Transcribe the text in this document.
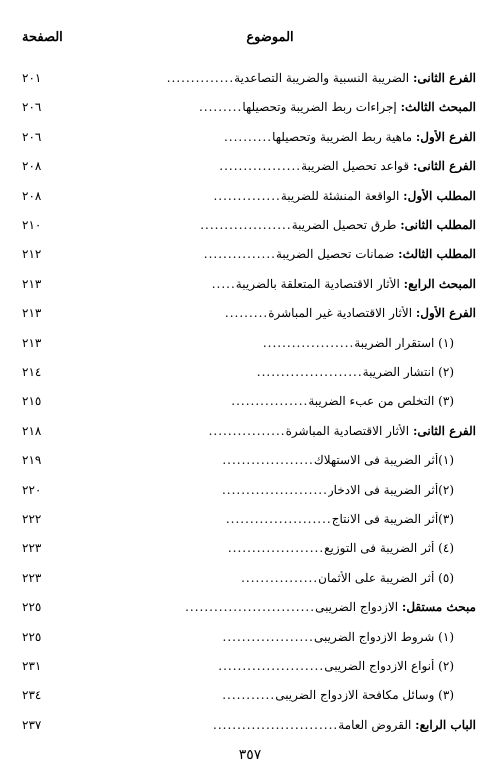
الموضوع
الصفحة
الفرع الثانى: الضريبة النسبية والضريبة التصاعدية
..............
٢٠١
المبحث الثالث: إجراءات ربط الضريبة وتحصيلها
.........
٢٠٦
الفرع الأول: ماهية ربط الضريبة وتحصيلها
..........
٢٠٦
الفرع الثانى: قواعد تحصيل الضريبة
.................
٢٠٨
المطلب الأول: الواقعة المنشئة للضريبة
..............
٢٠٨
المطلب الثانى: طرق تحصيل الضريبة
...................
٢١٠
المطلب الثالث: ضمانات تحصيل الضريبة
...............
٢١٢
المبحث الرابع: الأثار الاقتصادية المتعلقة بالضريبة
.....
٢١٣
الفرع الأول: الأثار الاقتصادية غير المباشرة
.........
٢١٣
(١) استقرار الضريبة
...................
٢١٣
(٢) انتشار الضريبة
......................
٢١٤
(٣) التخلص من عبء الضريبة
................
٢١٥
الفرع الثانى: الأثار الاقتصادية المباشرة
................
٢١٨
(١)أثر الضريبة فى الاستهلاك
...................
٢١٩
(٢)أثر الضريبة فى الادخار
......................
٢٢٠
(٣)أثر الضريبة فى الانتاج
......................
٢٢٢
(٤) أثر الضريبة فى التوزيع
....................
٢٢٣
(٥) أثر الضريبة على الأثمان
................
٢٢٣
مبحث مستقل: الازدواج الضريبى
...........................
٢٢٥
(١) شروط الازدواج الضريبى
...................
٢٢٥
(٢) أنواع الازدواج الضريبى
......................
٢٣١
(٣) وسائل مكافحة الازدواج الضريبى
...........
٢٣٤
الباب الرابع: القروض العامة
..........................
٢٣٧
٣٥٧
